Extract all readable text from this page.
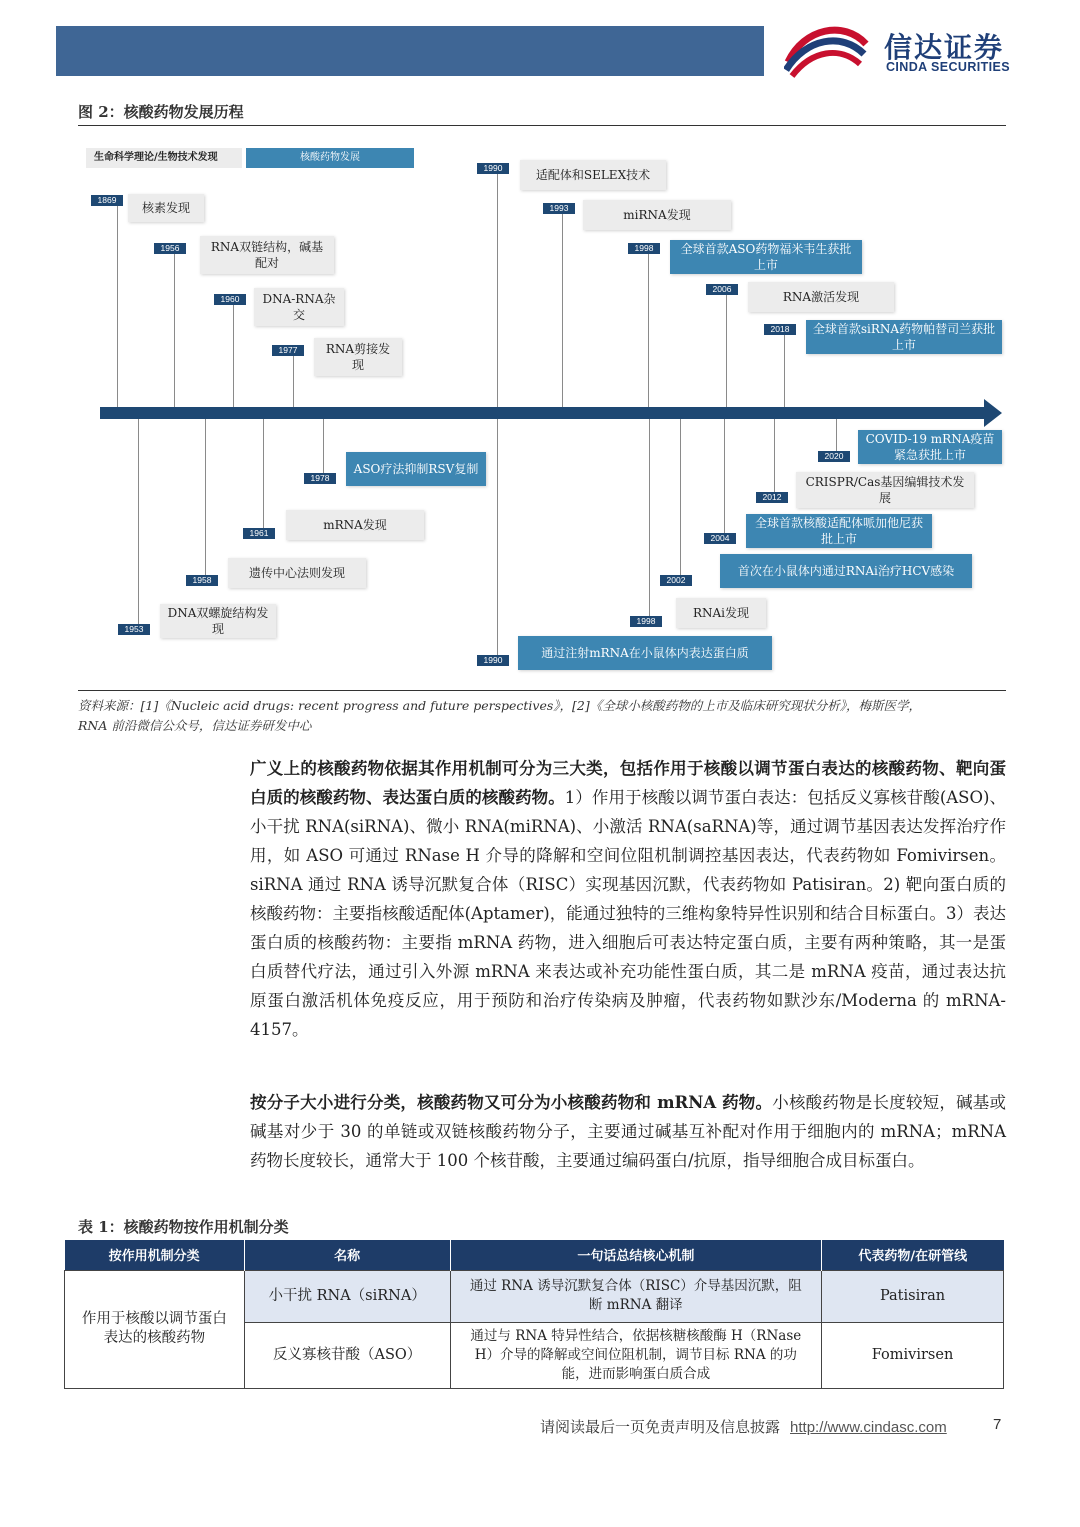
信达证券
CINDA SECURITIES
图 2：核酸药物发展历程
生命科学理论/生物技术发现	核酸药物发展
1869
核素发现
1956	RNA双链结构，碱基配对
1960	DNA-RNA杂交
1977	RNA剪接发现
1990	适配体和SELEX技术
1993	miRNA发现
1998	全球首款ASO药物福米韦生获批上市
2006
RNA激活发现
2018	全球首款siRNA药物帕替司兰获批上市
2020
COVID-19 mRNA疫苗紧急获批上市
1978
ASO疗法抑制RSV复制
2012
CRISPR/Cas基因编辑技术发展
1961
mRNA发现
2004
全球首款核酸适配体哌加他尼获批上市
1958	遗传中心法则发现	2002
首次在小鼠体内通过RNAi治疗HCV感染
1953
DNA双螺旋结构发现
1998
RNAi发现
1990	通过注射mRNA在小鼠体内表达蛋白质
资料来源：[1]《Nucleic acid drugs: recent progress and future perspectives》，[2]《全球小核酸药物的上市及临床研究现状分析》，梅斯医学，
RNA 前沿微信公众号，信达证券研发中心
广义上的核酸药物依据其作用机制可分为三大类，包括作用于核酸以调节蛋白表达的核酸药物、靶向蛋白质的核酸药物、表达蛋白质的核酸药物。1）作用于核酸以调节蛋白表达：包括反义寡核苷酸(ASO)、小干扰 RNA(siRNA)、微小 RNA(miRNA)、小激活 RNA(saRNA)等，通过调节基因表达发挥治疗作用，如 ASO 可通过 RNase H 介导的降解和空间位阻机制调控基因表达，代表药物如 Fomivirsen。siRNA 通过 RNA 诱导沉默复合体（RISC）实现基因沉默，代表药物如 Patisiran。2) 靶向蛋白质的核酸药物：主要指核酸适配体(Aptamer)，能通过独特的三维构象特异性识别和结合目标蛋白。3）表达蛋白质的核酸药物：主要指 mRNA 药物，进入细胞后可表达特定蛋白质，主要有两种策略，其一是蛋白质替代疗法，通过引入外源 mRNA 来表达或补充功能性蛋白质，其二是 mRNA 疫苗，通过表达抗原蛋白激活机体免疫反应，用于预防和治疗传染病及肿瘤，代表药物如默沙东/Moderna 的 mRNA-4157。
按分子大小进行分类，核酸药物又可分为小核酸药物和 mRNA 药物。小核酸药物是长度较短，碱基或碱基对少于 30 的单链或双链核酸药物分子，主要通过碱基互补配对作用于细胞内的 mRNA；mRNA 药物长度较长，通常大于 100 个核苷酸，主要通过编码蛋白/抗原，指导细胞合成目标蛋白。
表 1：核酸药物按作用机制分类
按作用机制分类	名称	一句话总结核心机制	代表药物/在研管线
作用于核酸以调节蛋白表达的核酸药物	小干扰 RNA（siRNA）	通过 RNA 诱导沉默复合体（RISC）介导基因沉默，阻断 mRNA 翻译	Patisiran
	反义寡核苷酸（ASO）	通过与 RNA 特异性结合，依据核糖核酸酶 H（RNase H）介导的降解或空间位阻机制，调节目标 RNA 的功能，进而影响蛋白质合成	Fomivirsen
请阅读最后一页免责声明及信息披露 http://www.cindasc.com	7
